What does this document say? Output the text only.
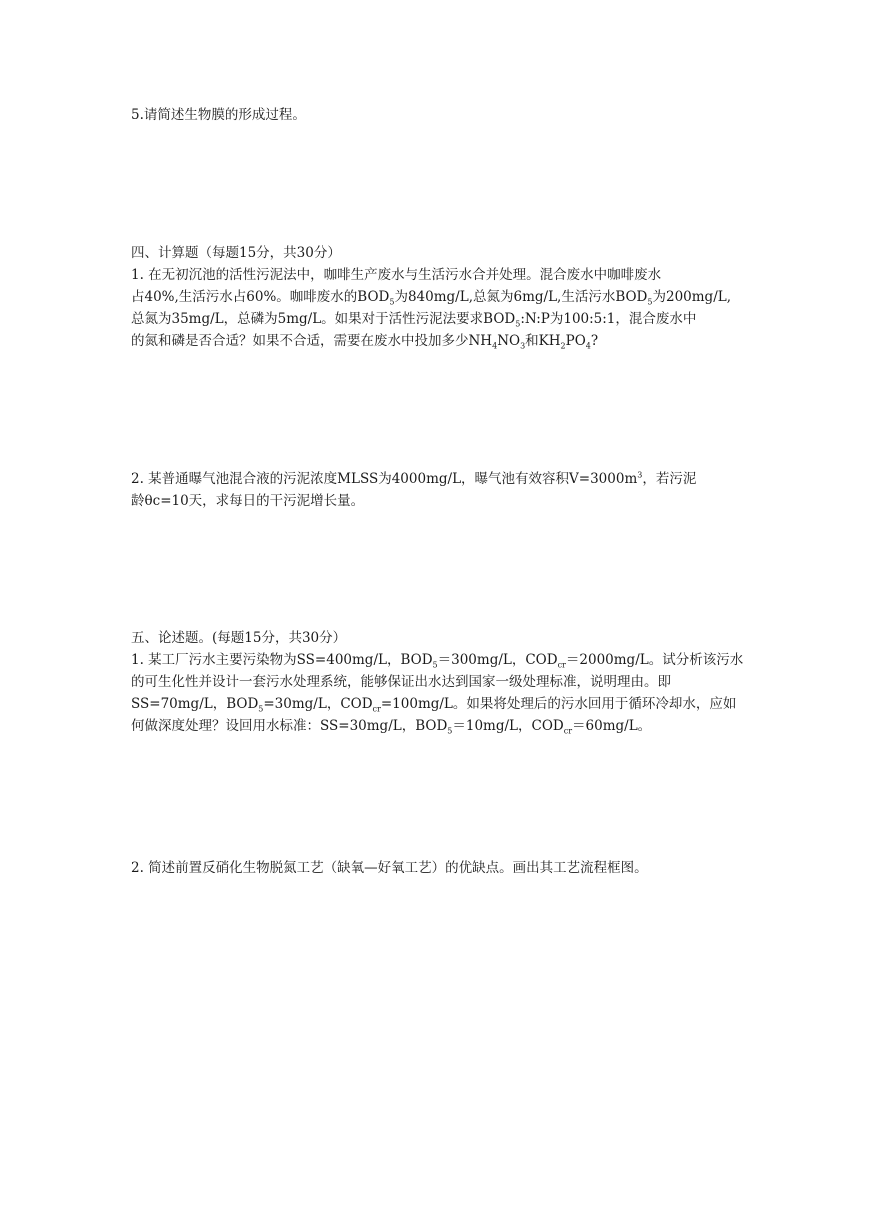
5.请简述生物膜的形成过程。
四、计算题（每题15分，共30分）
1. 在无初沉池的活性污泥法中，咖啡生产废水与生活污水合并处理。混合废水中咖啡废水
占40%,生活污水占60%。咖啡废水的$BOD_5$为840mg/L,总氮为6mg/L,生活污水$BOD_5$为200mg/L,
总氮为35mg/L，总磷为5mg/L。如果对于活性污泥法要求$BOD_5:N:P$为100:5:1，混合废水中
的氮和磷是否合适？如果不合适，需要在废水中投加多少$NH_4NO_3$和$KH_2PO_4$?
2. 某普通曝气池混合液的污泥浓度MLSS为4000mg/L，曝气池有效容积$V=3000m^3$，若污泥
龄θc=10天，求每日的干污泥增长量。
五、论述题。(每题15分，共30分）
1. 某工厂污水主要污染物为SS=400mg/L，$BOD_5=300mg/L$，$COD_{cr}=2000mg/L$。试分析该污水
的可生化性并设计一套污水处理系统，能够保证出水达到国家一级处理标准，说明理由。即
SS=70mg/L，$BOD_5=30mg/L$，$COD_{cr}=100mg/L$。如果将处理后的污水回用于循环冷却水，应如
何做深度处理？设回用水标准：SS=30mg/L，$BOD_5=10mg/L$，$COD_{cr}=60mg/L$。
2. 简述前置反硝化生物脱氮工艺（缺氧—好氧工艺）的优缺点。画出其工艺流程框图。
